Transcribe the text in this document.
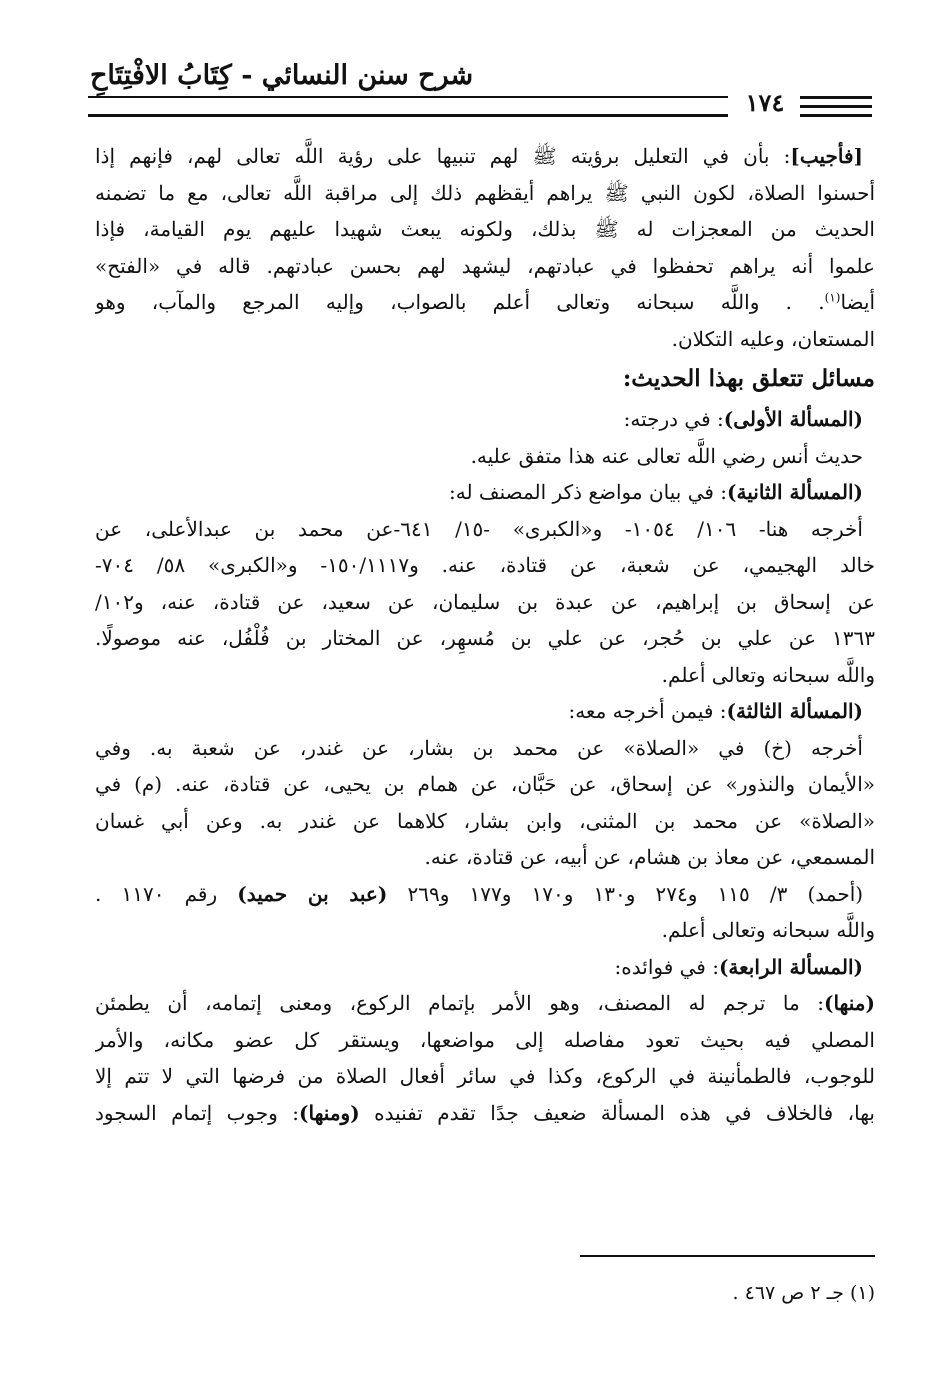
شرح سنن النسائي - كِتَابُ الافْتِتَاحِ
١٧٤
[فأجيب]: بأن في التعليل برؤيته ﷺ لهم تنبيها على رؤية اللَّه تعالى لهم، فإنهم إذا
أحسنوا الصلاة، لكون النبي ﷺ يراهم أيقظهم ذلك إلى مراقبة اللَّه تعالى، مع ما تضمنه
الحديث من المعجزات له ﷺ بذلك، ولكونه يبعث شهيدا عليهم يوم القيامة، فإذا
علموا أنه يراهم تحفظوا في عبادتهم، ليشهد لهم بحسن عبادتهم. قاله في «الفتح»
أيضا$^{(١)}$. . واللَّه سبحانه وتعالى أعلم بالصواب، وإليه المرجع والمآب، وهو
المستعان، وعليه التكلان.
مسائل تتعلق بهذا الحديث:
(المسألة الأولى): في درجته:
حديث أنس رضي اللَّه تعالى عنه هذا متفق عليه.
(المسألة الثانية): في بيان مواضع ذكر المصنف له:
أخرجه هنا- ١٠٦/ ١٠٥٤- و«الكبرى» -١٥/ ٦٤١-عن محمد بن عبدالأعلى، عن
خالد الهجيمي، عن شعبة، عن قتادة، عنه. و١٥٠/١١١٧- و«الكبرى» ٥٨/ ٧٠٤-
عن إسحاق بن إبراهيم، عن عبدة بن سليمان، عن سعيد، عن قتادة، عنه، و١٠٢/
١٣٦٣ عن علي بن حُجر، عن علي بن مُسهِر، عن المختار بن فُلْفُل، عنه موصولًا.
واللَّه سبحانه وتعالى أعلم.
(المسألة الثالثة): فيمن أخرجه معه:
أخرجه (خ) في «الصلاة» عن محمد بن بشار، عن غندر، عن شعبة به. وفي
«الأيمان والنذور» عن إسحاق، عن حَبَّان، عن همام بن يحيى، عن قتادة، عنه. (م) في
«الصلاة» عن محمد بن المثنى، وابن بشار، كلاهما عن غندر به. وعن أبي غسان
المسمعي، عن معاذ بن هشام، عن أبيه، عن قتادة، عنه.
(أحمد) ٣/ ١١٥ و٢٧٤ و١٣٠ و١٧٠ و١٧٧ و٢٦٩ (عبد بن حميد) رقم ١١٧٠ .
واللَّه سبحانه وتعالى أعلم.
(المسألة الرابعة): في فوائده:
(منها): ما ترجم له المصنف، وهو الأمر بإتمام الركوع، ومعنى إتمامه، أن يطمئن
المصلي فيه بحيث تعود مفاصله إلى مواضعها، ويستقر كل عضو مكانه، والأمر
للوجوب، فالطمأنينة في الركوع، وكذا في سائر أفعال الصلاة من فرضها التي لا تتم إلا
بها، فالخلاف في هذه المسألة ضعيف جدًا تقدم تفنيده (ومنها): وجوب إتمام السجود
(١) جـ ٢ ص ٤٦٧ .
